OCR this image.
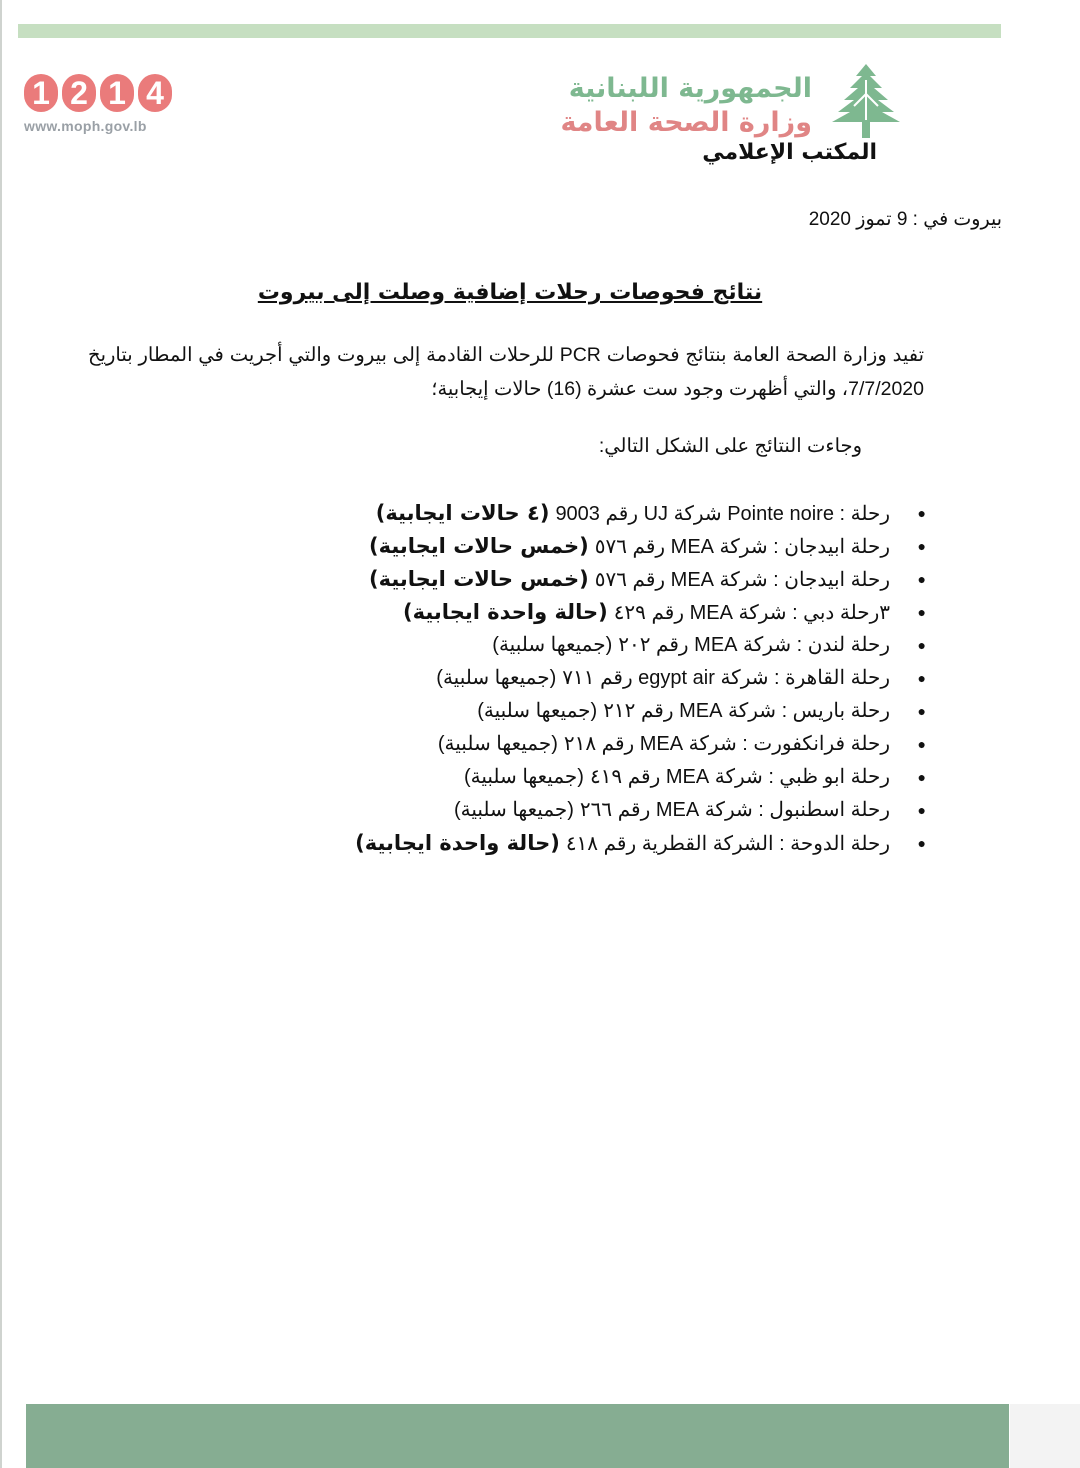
1 2 1 4
www.moph.gov.lb
الجمهورية اللبنانية
وزارة الصحة العامة
المكتب الإعلامي
بيروت في : 9 تموز 2020
نتائج فحوصات رحلات إضافية وصلت إلى بيروت
تفيد وزارة الصحة العامة بنتائج فحوصات PCR للرحلات القادمة إلى بيروت والتي أجريت في المطار بتاريخ 7/7/2020، والتي أظهرت وجود ست عشرة (16) حالات إيجابية؛
وجاءت النتائج على الشكل التالي:
●
رحلة : Pointe noire شركة UJ رقم 9003(٤ حالات ايجابية)
●
رحلة ابيدجان : شركة MEA رقم ٥٧٦(خمس حالات ايجابية)
●
رحلة ابيدجان : شركة MEA رقم ٥٧٦(خمس حالات ايجابية)
●
٣رحلة دبي : شركة MEA رقم ٤٢٩(حالة واحدة ايجابية)
●
رحلة لندن : شركة MEA رقم ٢٠٢(جميعها سلبية)
●
رحلة القاهرة : شركة egypt air رقم ٧١١(جميعها سلبية)
●
رحلة باريس : شركة MEA رقم ٢١٢(جميعها سلبية)
●
رحلة فرانكفورت : شركة MEA رقم ٢١٨(جميعها سلبية)
●
رحلة ابو ظبي : شركة MEA رقم ٤١٩(جميعها سلبية)
●
رحلة اسطنبول : شركة MEA رقم ٢٦٦(جميعها سلبية)
●
رحلة الدوحة : الشركة القطرية رقم ٤١٨(حالة واحدة ايجابية)
